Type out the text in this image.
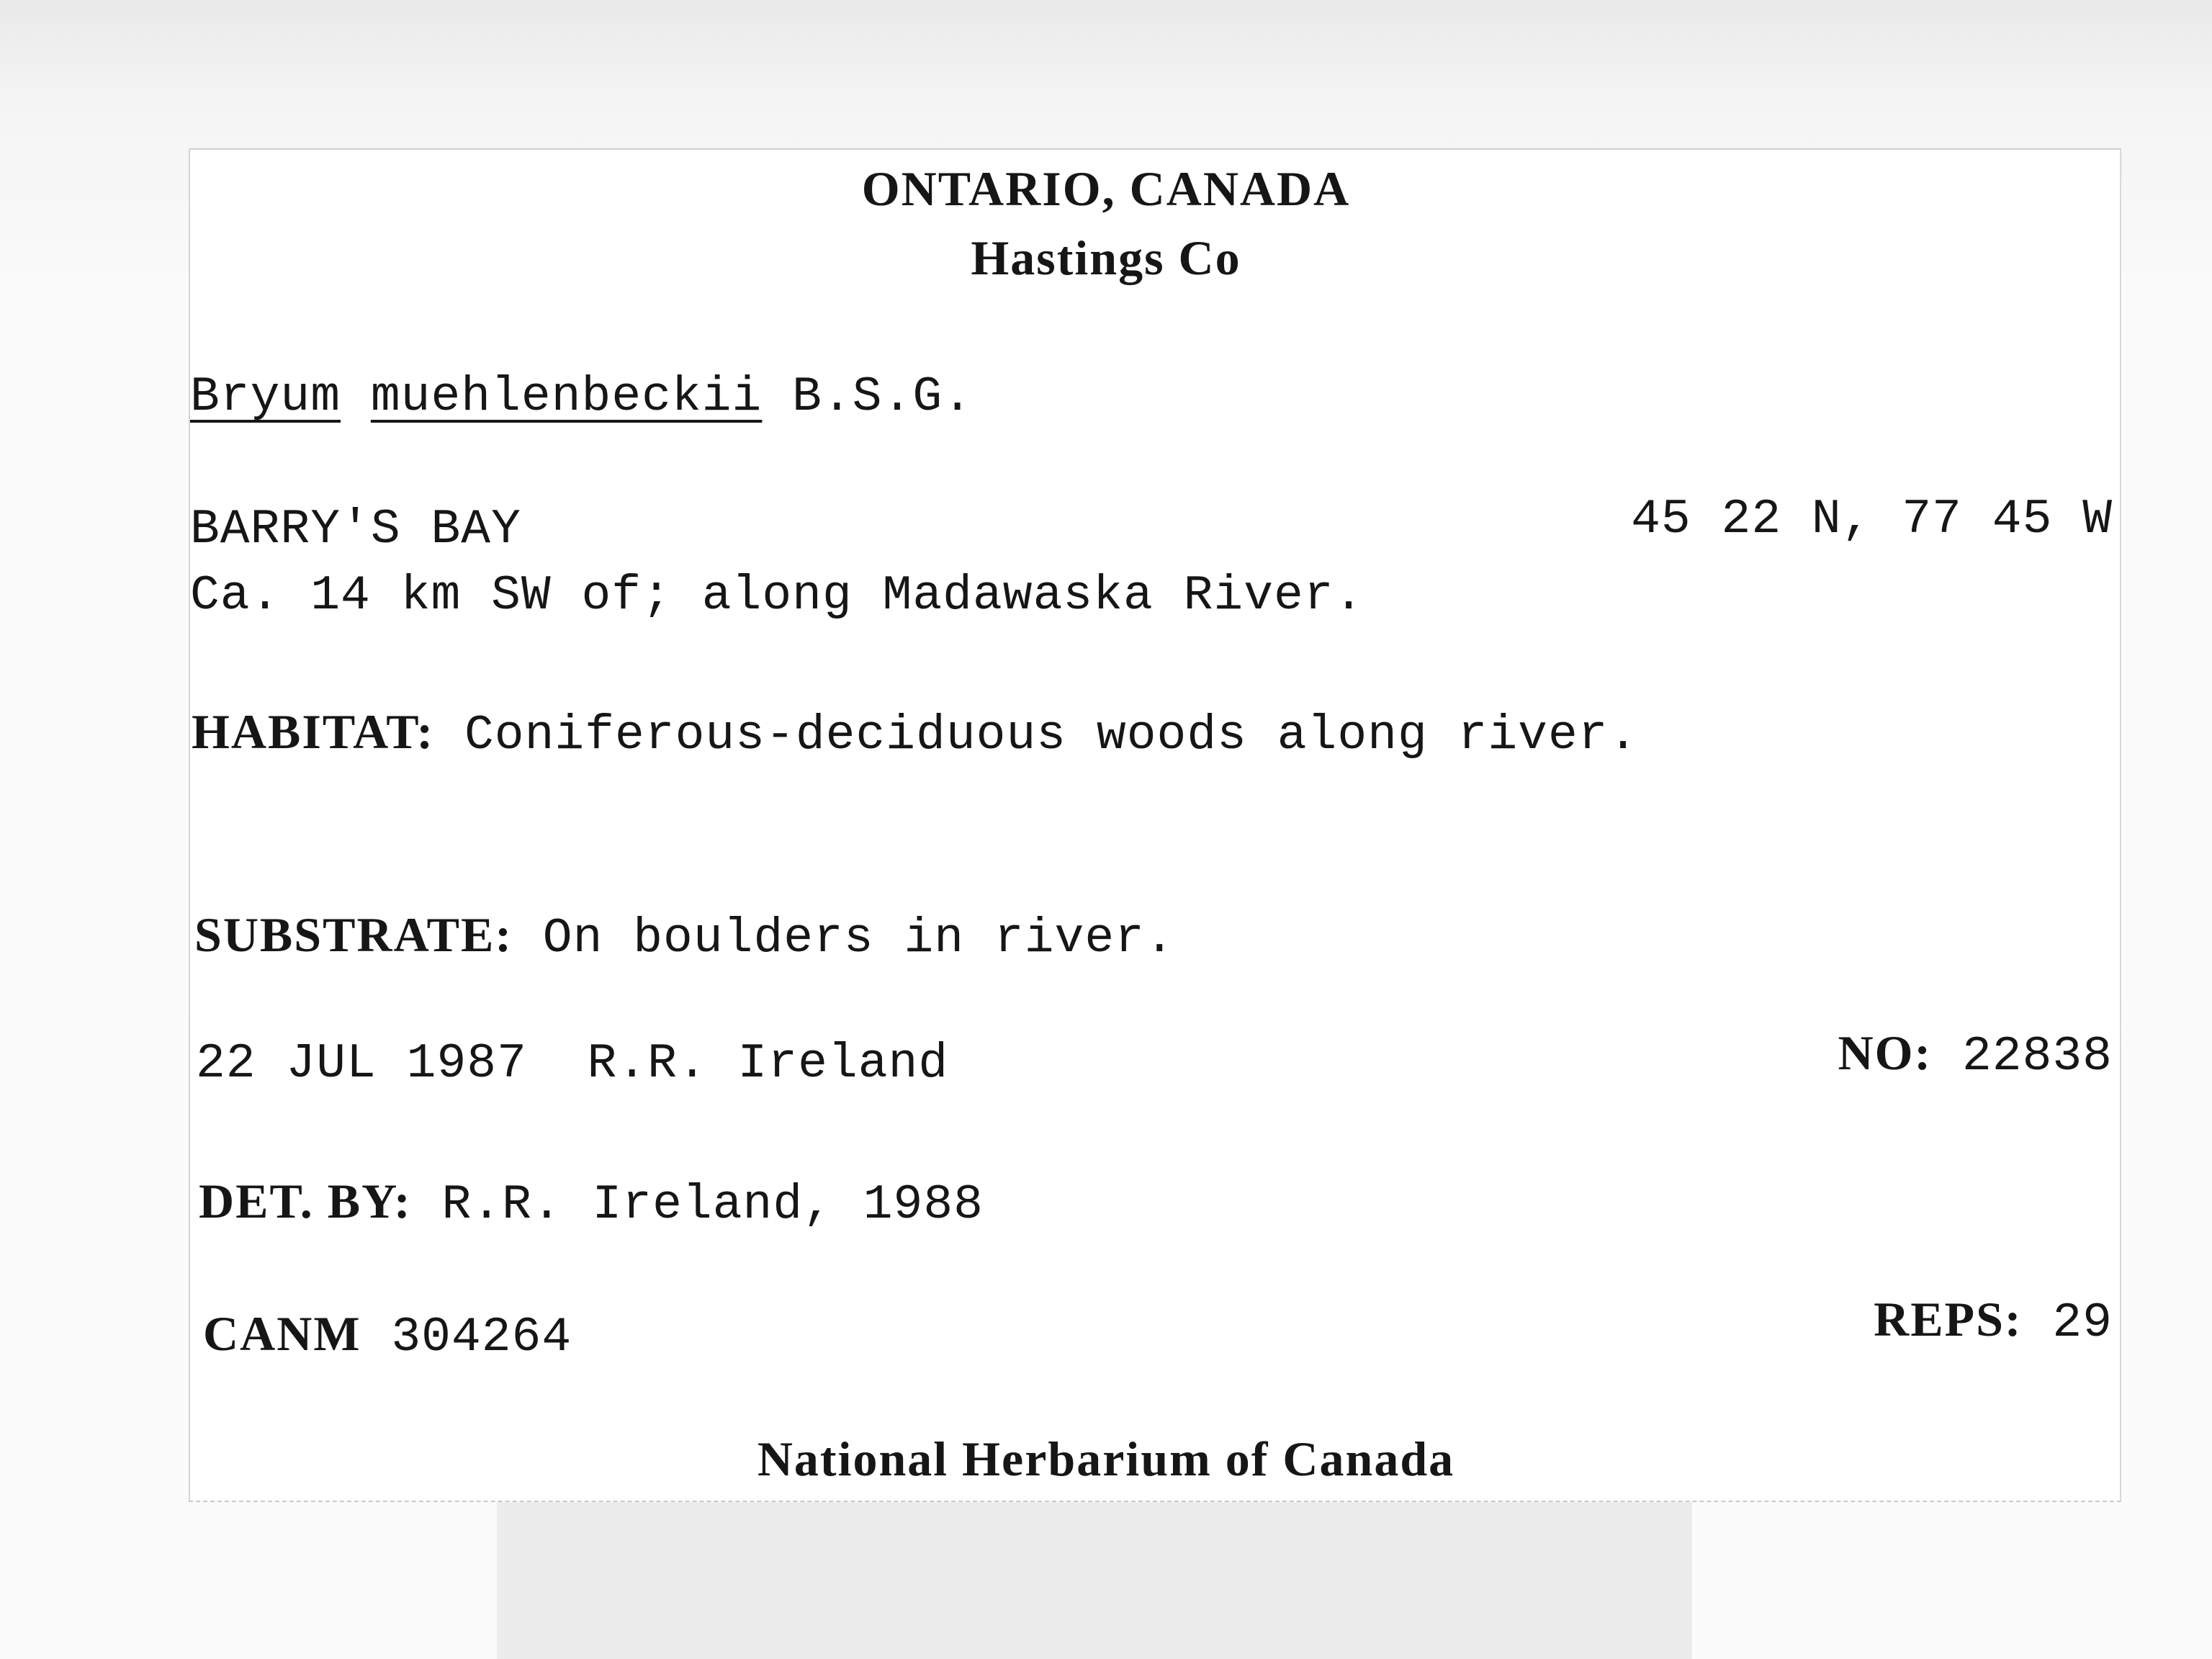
ONTARIO, CANADA
Hastings Co
Bryum muehlenbeckii B.S.G.
BARRY'S BAY	45 22 N, 77 45 W
Ca. 14 km SW of; along Madawaska River.
HABITAT: Coniferous-deciduous woods along river.
SUBSTRATE: On boulders in river.
22 JUL 1987 R.R. Ireland	NO: 22838
DET. BY: R.R. Ireland, 1988
CANM 304264	REPS: 29
National Herbarium of Canada
